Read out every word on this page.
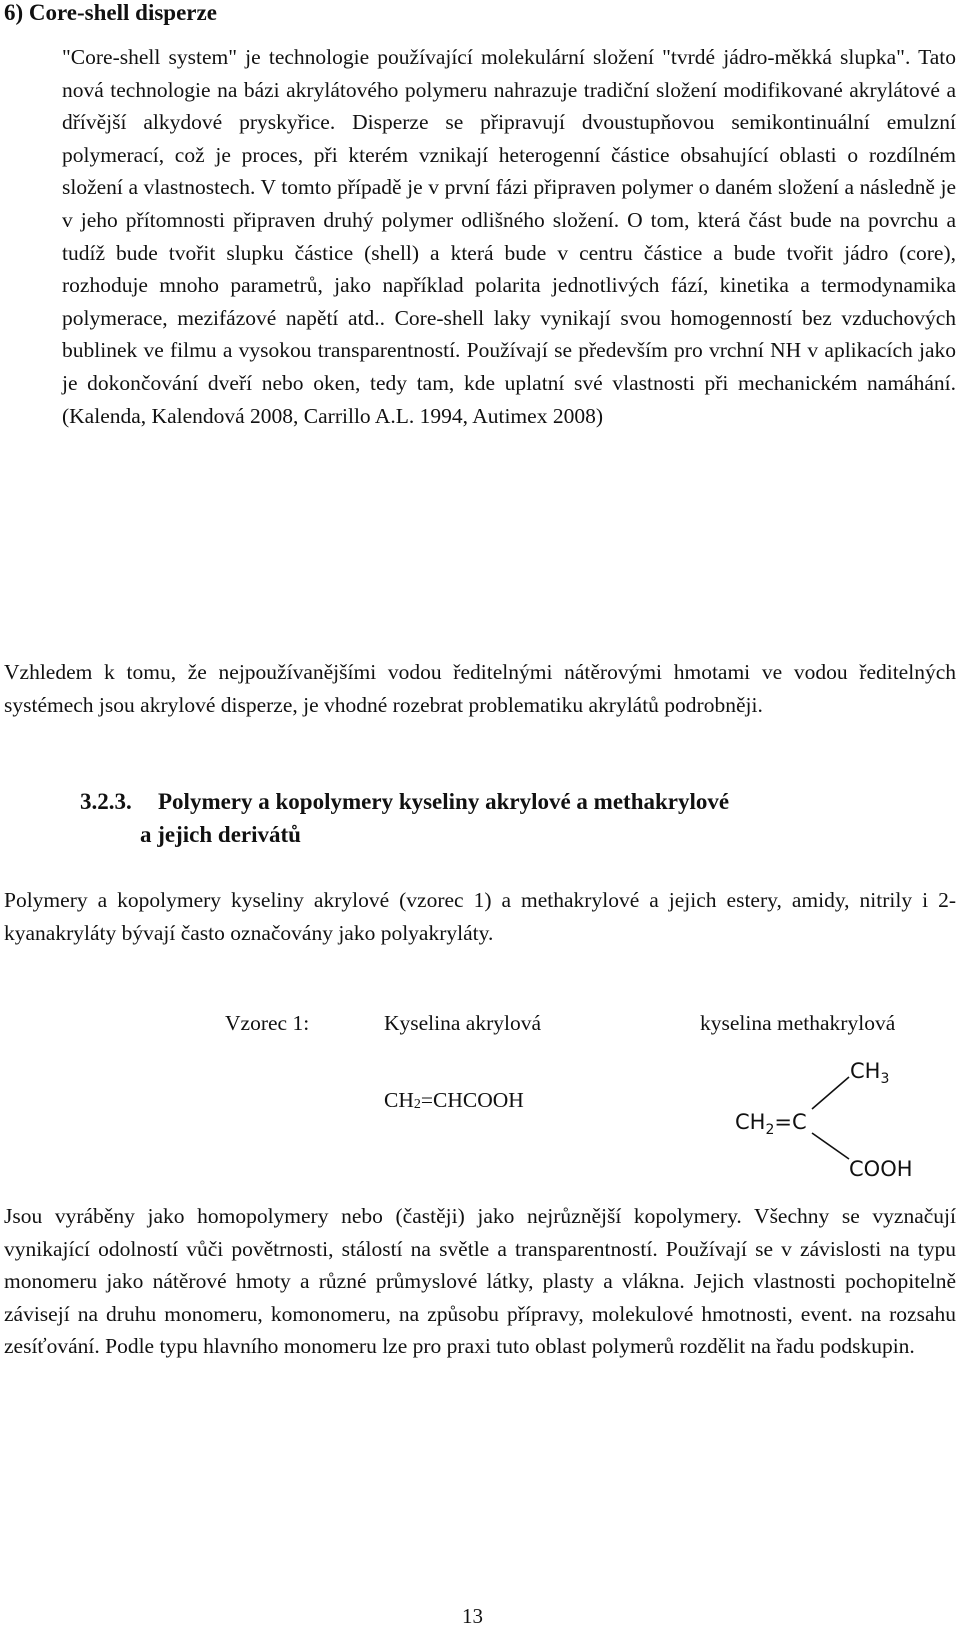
6) Core-shell disperze

"Core-shell system" je technologie používající molekulární složení "tvrdé jádro-měkká slupka". Tato nová technologie na bázi akrylátového polymeru nahrazuje tradiční složení modifikované akrylátové a dřívější alkydové pryskyřice. Disperze se připravují dvoustupňovou semikontinuální emulzní polymerací, což je proces, při kterém vznikají heterogenní částice obsahující oblasti o rozdílném složení a vlastnostech. V tomto případě je v první fázi připraven polymer o daném složení a následně je v jeho přítomnosti připraven druhý polymer odlišného složení. O tom, která část bude na povrchu a tudíž bude tvořit slupku částice (shell) a která bude v centru částice a bude tvořit jádro (core), rozhoduje mnoho parametrů, jako například polarita jednotlivých fází, kinetika a termodynamika polymerace, mezifázové napětí atd.. Core-shell laky vynikají svou homogenností bez vzduchových bublinek ve filmu a vysokou transparentností. Používají se především pro vrchní NH v aplikacích jako je dokončování dveří nebo oken, tedy tam, kde uplatní své vlastnosti při mechanickém namáhání. (Kalenda, Kalendová 2008, Carrillo A.L. 1994, Autimex 2008)

Vzhledem k tomu, že nejpoužívanějšími vodou ředitelnými nátěrovými hmotami ve vodou ředitelných systémech jsou akrylové disperze, je vhodné rozebrat problematiku akrylátů podrobněji.

3.2.3. Polymery a kopolymery kyseliny akrylové a methakrylové
a jejich derivátů

Polymery a kopolymery kyseliny akrylové (vzorec 1) a methakrylové a jejich estery, amidy, nitrily i 2-kyanakryláty bývají často označovány jako polyakryláty.

Vzorec 1:	Kyselina akrylová	kyselina methakrylová
$CH_2=CHCOOH$
$CH_3$
$CH_2=C$
COOH

Jsou vyráběny jako homopolymery nebo (častěji) jako nejrůznější kopolymery. Všechny se vyznačují vynikající odolností vůči povětrnosti, stálostí na světle a transparentností. Používají se v závislosti na typu monomeru jako nátěrové hmoty a různé průmyslové látky, plasty a vlákna. Jejich vlastnosti pochopitelně závisejí na druhu monomeru, komonomeru, na způsobu přípravy, molekulové hmotnosti, event. na rozsahu zesíťování. Podle typu hlavního monomeru lze pro praxi tuto oblast polymerů rozdělit na řadu podskupin.

13
